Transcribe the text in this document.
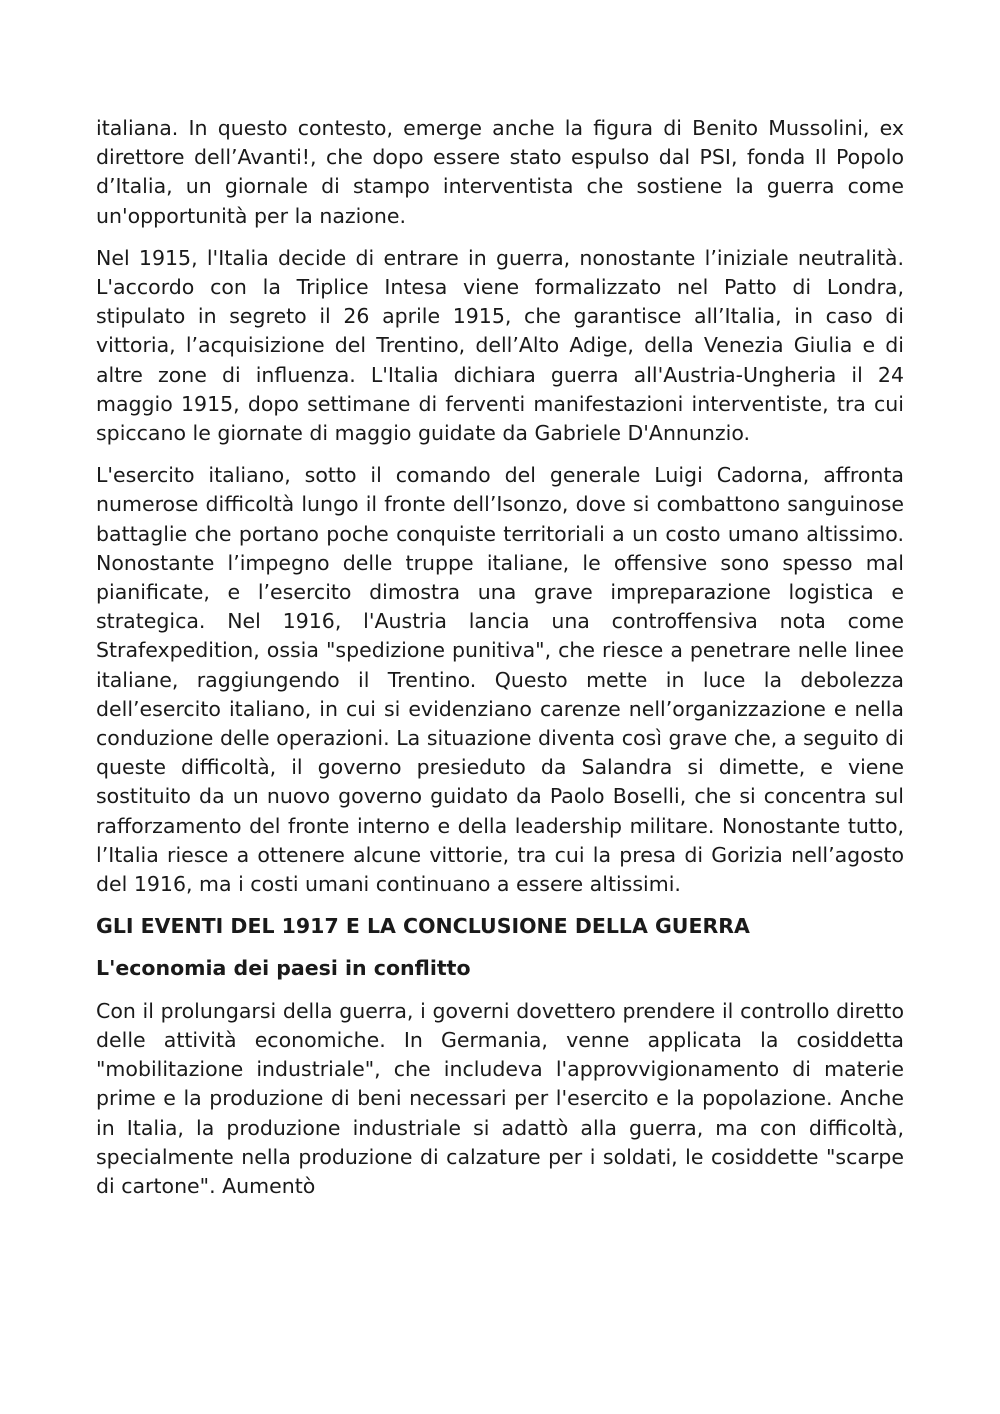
italiana. In questo contesto, emerge anche la figura di Benito Mussolini, ex direttore dell’Avanti!, che dopo essere stato espulso dal PSI, fonda Il Popolo d’Italia, un giornale di stampo interventista che sostiene la guerra come un'opportunità per la nazione.

Nel 1915, l'Italia decide di entrare in guerra, nonostante l’iniziale neutralità. L'accordo con la Triplice Intesa viene formalizzato nel Patto di Londra, stipulato in segreto il 26 aprile 1915, che garantisce all’Italia, in caso di vittoria, l’acquisizione del Trentino, dell’Alto Adige, della Venezia Giulia e di altre zone di influenza. L'Italia dichiara guerra all'Austria-Ungheria il 24 maggio 1915, dopo settimane di ferventi manifestazioni interventiste, tra cui spiccano le giornate di maggio guidate da Gabriele D'Annunzio.

L'esercito italiano, sotto il comando del generale Luigi Cadorna, affronta numerose difficoltà lungo il fronte dell’Isonzo, dove si combattono sanguinose battaglie che portano poche conquiste territoriali a un costo umano altissimo. Nonostante l’impegno delle truppe italiane, le offensive sono spesso mal pianificate, e l’esercito dimostra una grave impreparazione logistica e strategica. Nel 1916, l'Austria lancia una controffensiva nota come Strafexpedition, ossia "spedizione punitiva", che riesce a penetrare nelle linee italiane, raggiungendo il Trentino. Questo mette in luce la debolezza dell’esercito italiano, in cui si evidenziano carenze nell’organizzazione e nella conduzione delle operazioni. La situazione diventa così grave che, a seguito di queste difficoltà, il governo presieduto da Salandra si dimette, e viene sostituito da un nuovo governo guidato da Paolo Boselli, che si concentra sul rafforzamento del fronte interno e della leadership militare. Nonostante tutto, l’Italia riesce a ottenere alcune vittorie, tra cui la presa di Gorizia nell’agosto del 1916, ma i costi umani continuano a essere altissimi.

GLI EVENTI DEL 1917 E LA CONCLUSIONE DELLA GUERRA
L'economia dei paesi in conflitto

Con il prolungarsi della guerra, i governi dovettero prendere il controllo diretto delle attività economiche. In Germania, venne applicata la cosiddetta "mobilitazione industriale", che includeva l'approvvigionamento di materie prime e la produzione di beni necessari per l'esercito e la popolazione. Anche in Italia, la produzione industriale si adattò alla guerra, ma con difficoltà, specialmente nella produzione di calzature per i soldati, le cosiddette "scarpe di cartone". Aumentò
